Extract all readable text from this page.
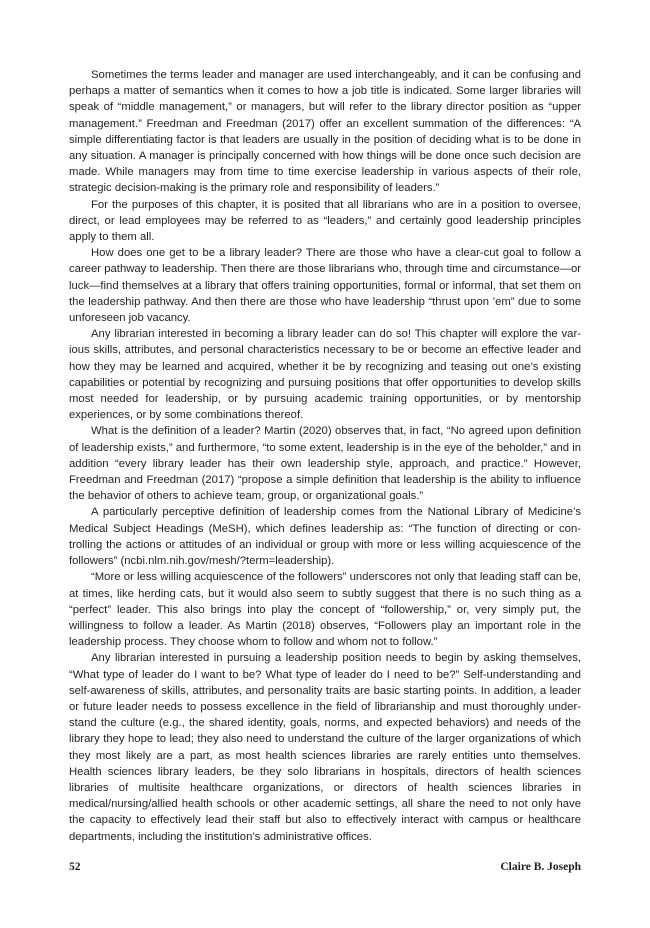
Sometimes the terms leader and manager are used interchangeably, and it can be confusing and perhaps a matter of semantics when it comes to how a job title is indicated. Some larger libraries will speak of “middle management,” or managers, but will refer to the library director position as “upper management.” Freedman and Freedman (2017) offer an excellent summation of the differences: “A simple differentiating factor is that leaders are usually in the position of deciding what is to be done in any situation. A manager is principally concerned with how things will be done once such decision are made. While managers may from time to time exercise leadership in various aspects of their role, strategic decision-making is the primary role and responsibility of leaders.”

For the purposes of this chapter, it is posited that all librarians who are in a position to oversee, direct, or lead employees may be referred to as “leaders,” and certainly good leadership principles apply to them all.

How does one get to be a library leader? There are those who have a clear-cut goal to follow a career pathway to leadership. Then there are those librarians who, through time and circumstance—or luck—find themselves at a library that offers training opportunities, formal or informal, that set them on the leadership pathway. And then there are those who have leadership “thrust upon ’em” due to some unforeseen job vacancy.

Any librarian interested in becoming a library leader can do so! This chapter will explore the various skills, attributes, and personal characteristics necessary to be or become an effective leader and how they may be learned and acquired, whether it be by recognizing and teasing out one’s existing capabilities or potential by recognizing and pursuing positions that offer opportunities to develop skills most needed for leadership, or by pursuing academic training opportunities, or by mentorship experiences, or by some combinations thereof.

What is the definition of a leader? Martin (2020) observes that, in fact, “No agreed upon definition of leadership exists,” and furthermore, “to some extent, leadership is in the eye of the beholder,” and in addition “every library leader has their own leadership style, approach, and practice.” However, Freedman and Freedman (2017) “propose a simple definition that leadership is the ability to influence the behavior of others to achieve team, group, or organizational goals.”

A particularly perceptive definition of leadership comes from the National Library of Medicine’s Medical Subject Headings (MeSH), which defines leadership as: “The function of directing or controlling the actions or attitudes of an individual or group with more or less willing acquiescence of the followers” (ncbi.nlm.nih.gov/mesh/?term=leadership).

“More or less willing acquiescence of the followers” underscores not only that leading staff can be, at times, like herding cats, but it would also seem to subtly suggest that there is no such thing as a “perfect” leader. This also brings into play the concept of “followership,” or, very simply put, the willingness to follow a leader. As Martin (2018) observes, “Followers play an important role in the leadership process. They choose whom to follow and whom not to follow.”

Any librarian interested in pursuing a leadership position needs to begin by asking themselves, “What type of leader do I want to be? What type of leader do I need to be?” Self-understanding and self-awareness of skills, attributes, and personality traits are basic starting points. In addition, a leader or future leader needs to possess excellence in the field of librarianship and must thoroughly understand the culture (e.g., the shared identity, goals, norms, and expected behaviors) and needs of the library they hope to lead; they also need to understand the culture of the larger organizations of which they most likely are a part, as most health sciences libraries are rarely entities unto themselves. Health sciences library leaders, be they solo librarians in hospitals, directors of health sciences libraries of multisite healthcare organizations, or directors of health sciences libraries in medical/nursing/allied health schools or other academic settings, all share the need to not only have the capacity to effectively lead their staff but also to effectively interact with campus or healthcare departments, including the institution’s administrative offices.

52	Claire B. Joseph
